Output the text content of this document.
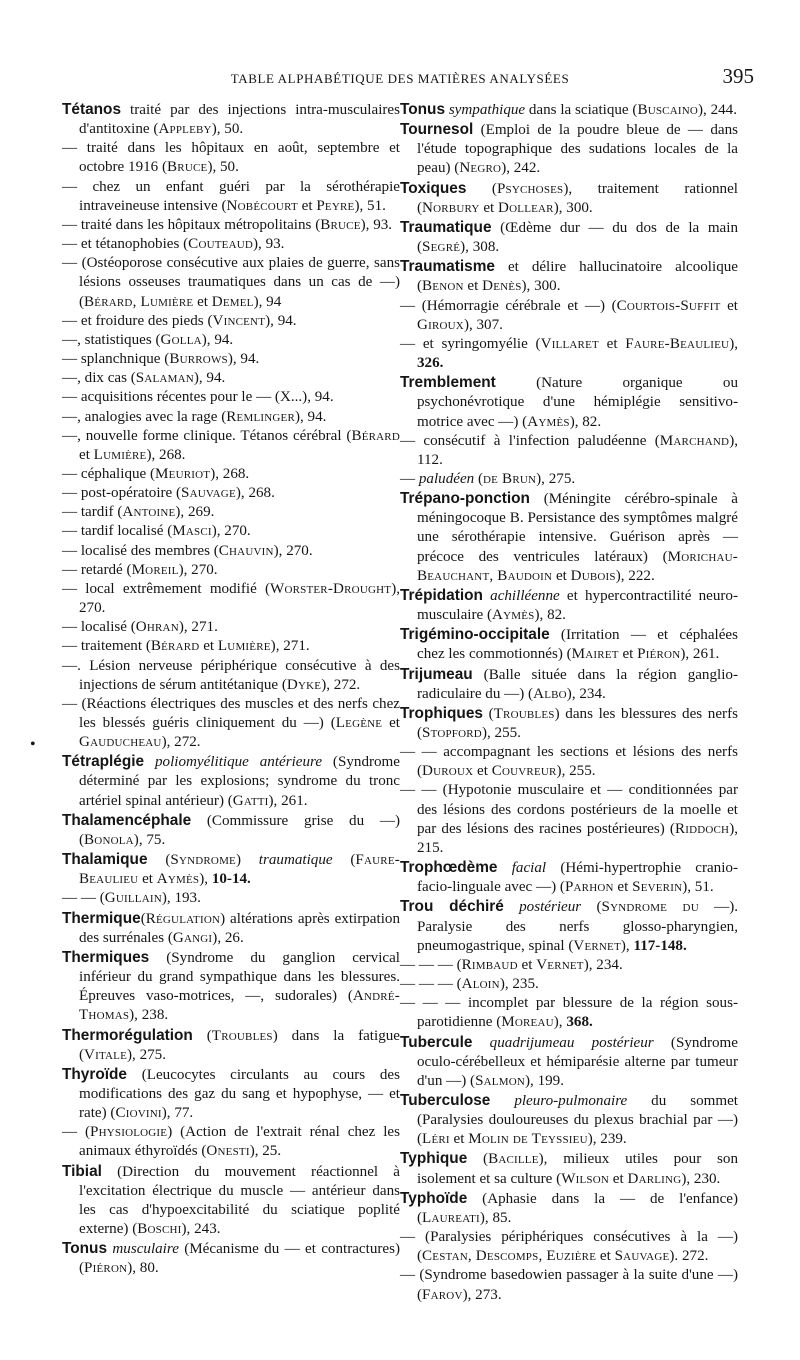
TABLE ALPHABÉTIQUE DES MATIÈRES ANALYSÉES	395
•

Tétanos traité par des injections intra-musculaires d'antitoxine (Appleby), 50.

— traité dans les hôpitaux en août, septembre et octobre 1916 (Bruce), 50.

— chez un enfant guéri par la sérothérapie intraveineuse intensive (Nobécourt et Peyre), 51.

— traité dans les hôpitaux métropolitains (Bruce), 93.

— et tétanophobies (Couteaud), 93.

— (Ostéoporose consécutive aux plaies de guerre, sans lésions osseuses traumatiques dans un cas de —) (Bérard, Lumière et Demel), 94

— et froidure des pieds (Vincent), 94.

—, statistiques (Golla), 94.

— splanchnique (Burrows), 94.

—, dix cas (Salaman), 94.

— acquisitions récentes pour le — (X...), 94.

—, analogies avec la rage (Remlinger), 94.

—, nouvelle forme clinique. Tétanos cérébral (Bérard et Lumière), 268.

— céphalique (Meuriot), 268.

— post-opératoire (Sauvage), 268.

— tardif (Antoine), 269.

— tardif localisé (Masci), 270.

— localisé des membres (Chauvin), 270.

— retardé (Moreil), 270.

— local extrêmement modifié (Worster-Drought), 270.

— localisé (Ohran), 271.

— traitement (Bérard et Lumière), 271.

—. Lésion nerveuse périphérique consécutive à des injections de sérum antitétanique (Dyke), 272.

— (Réactions électriques des muscles et des nerfs chez les blessés guéris cliniquement du —) (Legène et Gauducheau), 272.

Tétraplégie poliomyélitique antérieure (Syndrome déterminé par les explosions; syndrome du tronc artériel spinal antérieur) (Gatti), 261.

Thalamencéphale (Commissure grise du —) (Bonola), 75.

Thalamique (Syndrome) traumatique (Faure-Beaulieu et Aymès), 10-14.

— — (Guillain), 193.

Thermique(Régulation) altérations après extirpation des surrénales (Gangi), 26.

Thermiques (Syndrome du ganglion cervical inférieur du grand sympathique dans les blessures. Épreuves vaso-motrices, —, sudorales) (André-Thomas), 238.

Thermorégulation (Troubles) dans la fatigue (Vitale), 275.

Thyroïde (Leucocytes circulants au cours des modifications des gaz du sang et hypophyse, — et rate) (Ciovini), 77.

— (Physiologie) (Action de l'extrait rénal chez les animaux éthyroïdés (Onesti), 25.

Tibial (Direction du mouvement réactionnel à l'excitation électrique du muscle — antérieur dans les cas d'hypoexcitabilité du sciatique poplité externe) (Boschi), 243.

Tonus musculaire (Mécanisme du — et contractures) (Piéron), 80.

Tonus sympathique dans la sciatique (Buscaino), 244.

Tournesol (Emploi de la poudre bleue de — dans l'étude topographique des sudations locales de la peau) (Negro), 242.

Toxiques (Psychoses), traitement rationnel (Norbury et Dollear), 300.

Traumatique (Œdème dur — du dos de la main (Segré), 308.

Traumatisme et délire hallucinatoire alcoolique (Benon et Denès), 300.

— (Hémorragie cérébrale et —) (Courtois-Suffit et Giroux), 307.

— et syringomyélie (Villaret et Faure-Beaulieu), 326.

Tremblement (Nature organique ou psychonévrotique d'une hémiplégie sensitivo-motrice avec —) (Aymès), 82.

— consécutif à l'infection paludéenne (Marchand), 112.

— paludéen (de Brun), 275.

Trépano-ponction (Méningite cérébro-spinale à méningocoque B. Persistance des symptômes malgré une sérothérapie intensive. Guérison après — précoce des ventricules latéraux) (Morichau-Beauchant, Baudoin et Dubois), 222.

Trépidation achilléenne et hypercontractilité neuro-musculaire (Aymès), 82.

Trigémino-occipitale (Irritation — et céphalées chez les commotionnés) (Mairet et Piéron), 261.

Trijumeau (Balle située dans la région ganglio-radiculaire du —) (Albo), 234.

Trophiques (Troubles) dans les blessures des nerfs (Stopford), 255.

— — accompagnant les sections et lésions des nerfs (Duroux et Couvreur), 255.

— — (Hypotonie musculaire et — conditionnées par des lésions des cordons postérieurs de la moelle et par des lésions des racines postérieures) (Riddoch), 215.

Trophœdème facial (Hémi-hypertrophie cranio-facio-linguale avec —) (Parhon et Severin), 51.

Trou déchiré postérieur (Syndrome du —). Paralysie des nerfs glosso-pharyngien, pneumogastrique, spinal (Vernet), 117-148.

— — — (Rimbaud et Vernet), 234.

— — — (Aloin), 235.

— — — incomplet par blessure de la région sous-parotidienne (Moreau), 368.

Tubercule quadrijumeau postérieur (Syndrome oculo-cérébelleux et hémiparésie alterne par tumeur d'un —) (Salmon), 199.

Tuberculose pleuro-pulmonaire du sommet (Paralysies douloureuses du plexus brachial par —) (Léri et Molin de Teyssieu), 239.

Typhique (Bacille), milieux utiles pour son isolement et sa culture (Wilson et Darling), 230.

Typhoïde (Aphasie dans la — de l'enfance) (Laureati), 85.

— (Paralysies périphériques consécutives à la —) (Cestan, Descomps, Euzière et Sauvage). 272.

— (Syndrome basedowien passager à la suite d'une —) (Farov), 273.
